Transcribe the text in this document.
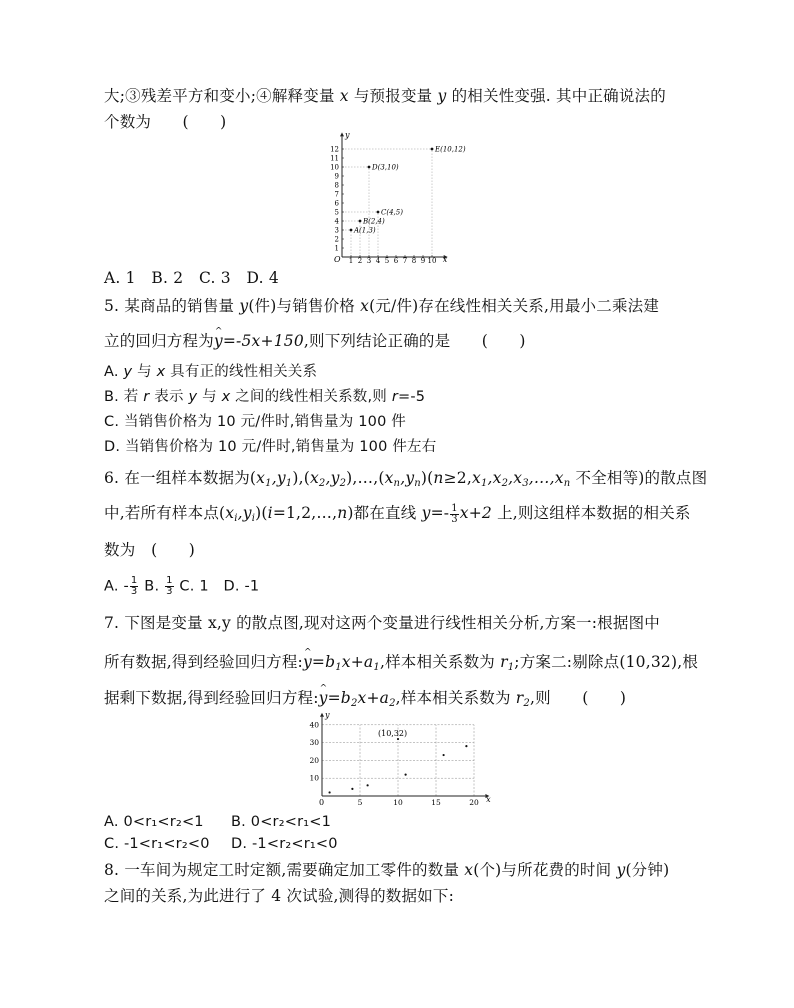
大;③残差平方和变小;④解释变量 x 与预报变量 y 的相关性变强. 其中正确说法的
个数为　　(　　)
x
y
O 1 2 3 4 5 6 7 8 9 10
1
2
3
4
5
6
7
8
9
10
11
12
A(1,3)
B(2,4)
C(4,5)
D(3,10)
E(10,12)
A. 1　B. 2　C. 3　D. 4
5. 某商品的销售量 y(件)与销售价格 x(元/件)存在线性相关关系,用最小二乘法建
立的回归方程为^ y=-5x+150,则下列结论正确的是　　(　　)
A. y 与 x 具有正的线性相关关系
B. 若 r 表示 y 与 x 之间的线性相关系数,则 r=-5
C. 当销售价格为 10 元/件时,销售量为 100 件
D. 当销售价格为 10 元/件时,销售量为 100 件左右
6. 在一组样本数据为$(x_1,y_1),(x_2,y_2),\dots,(x_n,y_n)(n\ge 2,x_1,x_2,x_3,\dots,x_n$ 不全相等)的散点图
中,若所有样本点$(x_i,y_i)(i=1,2,\dots,n)$都在直线 $y=- \frac{1}{3} x+2$ 上,则这组样本数据的相关系
数为　(　　)
A. - $\frac{1}{3} B$. $\frac{1}{3} C$. 1　D. -1
7. 下图是变量 x,y 的散点图,现对这两个变量进行线性相关分析,方案一:根据图中
所有数据,得到经验回归方程:^ $y=b_1x+a_1$,样本相关系数为 $r_1$;方案二:剔除点(10,32),根
据剩下数据,得到经验回归方程:^ $y=b_2x+a_2$,样本相关系数为 $r_2$,则　　(　　)
x
y
0
(10,32)
5	10	15	20
10
20
30
40
A. 0<r₁<r₂<1 B. 0<r₂<r₁<1
C. -1<r₁<r₂<0 D. -1<r₂<r₁<0
8. 一车间为规定工时定额,需要确定加工零件的数量 x(个)与所花费的时间 y(分钟)
之间的关系,为此进行了 4 次试验,测得的数据如下:
